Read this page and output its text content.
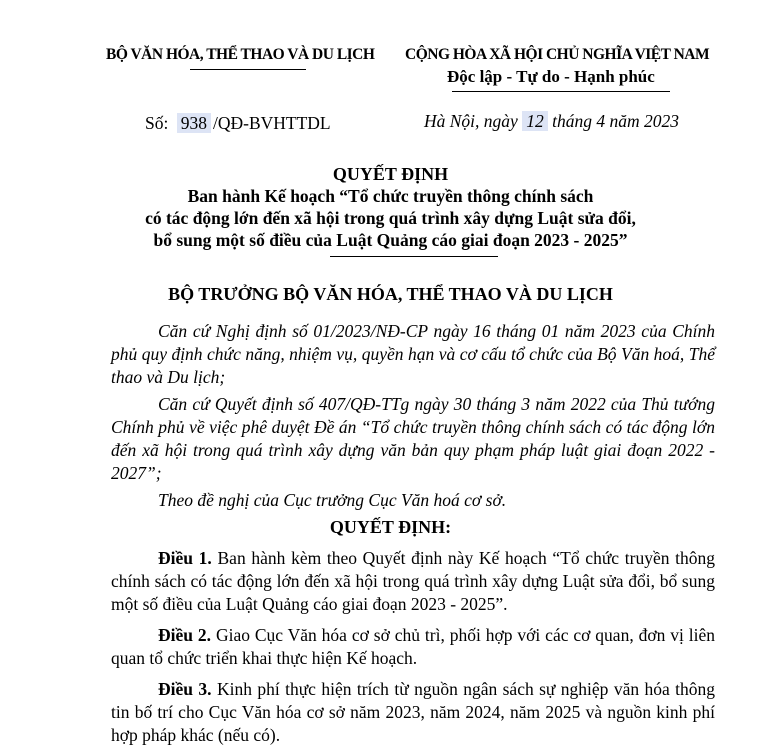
BỘ VĂN HÓA, THỂ THAO VÀ DU LỊCH CỘNG HÒA XÃ HỘI CHỦ NGHĨA VIỆT NAM
Độc lập - Tự do - Hạnh phúc
Số: 938 /QĐ-BVHTTDL	Hà Nội, ngày 12 tháng 4 năm 2023
QUYẾT ĐỊNH
Ban hành Kế hoạch “Tổ chức truyền thông chính sách
có tác động lớn đến xã hội trong quá trình xây dựng Luật sửa đổi,
bổ sung một số điều của Luật Quảng cáo giai đoạn 2023 - 2025”
BỘ TRƯỞNG BỘ VĂN HÓA, THỂ THAO VÀ DU LỊCH

Căn cứ Nghị định số 01/2023/NĐ-CP ngày 16 tháng 01 năm 2023 của Chính phủ quy định chức năng, nhiệm vụ, quyền hạn và cơ cấu tổ chức của Bộ Văn hoá, Thể thao và Du lịch;

Căn cứ Quyết định số 407/QĐ-TTg ngày 30 tháng 3 năm 2022 của Thủ tướng Chính phủ về việc phê duyệt Đề án “Tổ chức truyền thông chính sách có tác động lớn đến xã hội trong quá trình xây dựng văn bản quy phạm pháp luật giai đoạn 2022 - 2027”;

Theo đề nghị của Cục trưởng Cục Văn hoá cơ sở.

QUYẾT ĐỊNH:

Điều 1. Ban hành kèm theo Quyết định này Kế hoạch “Tổ chức truyền thông chính sách có tác động lớn đến xã hội trong quá trình xây dựng Luật sửa đổi, bổ sung một số điều của Luật Quảng cáo giai đoạn 2023 - 2025”.

Điều 2. Giao Cục Văn hóa cơ sở chủ trì, phối hợp với các cơ quan, đơn vị liên quan tổ chức triển khai thực hiện Kế hoạch.

Điều 3. Kinh phí thực hiện trích từ nguồn ngân sách sự nghiệp văn hóa thông tin bố trí cho Cục Văn hóa cơ sở năm 2023, năm 2024, năm 2025 và nguồn kinh phí hợp pháp khác (nếu có).
